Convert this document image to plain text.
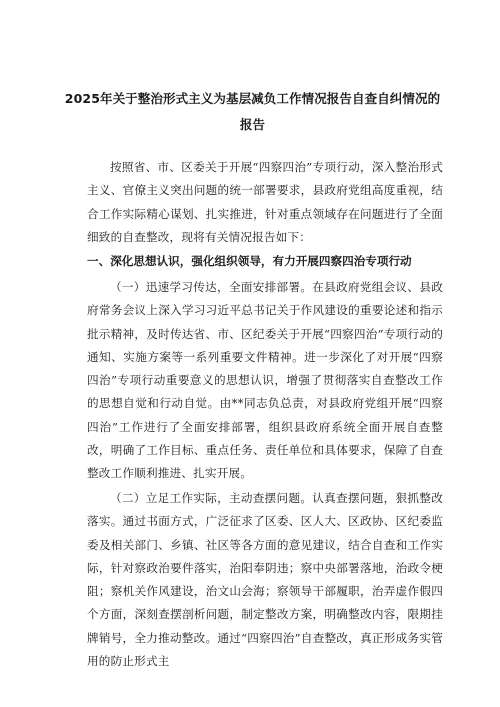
2025年关于整治形式主义为基层减负工作情况报告自查自纠情况的
报告
按照省、市、区委关于开展“四察四治”专项行动，深入整治形式主义、官僚主义突出问题的统一部署要求，县政府党组高度重视，结合工作实际精心谋划、扎实推进，针对重点领域存在问题进行了全面细致的自查整改，现将有关情况报告如下：
一、深化思想认识，强化组织领导，有力开展四察四治专项行动
（一）迅速学习传达，全面安排部署。在县政府党组会议、县政府常务会议上深入学习习近平总书记关于作风建设的重要论述和指示批示精神，及时传达省、市、区纪委关于开展“四察四治”专项行动的通知、实施方案等一系列重要文件精神。进一步深化了对开展“四察四治”专项行动重要意义的思想认识，增强了贯彻落实自查整改工作的思想自觉和行动自觉。由**同志负总责，对县政府党组开展“四察四治”工作进行了全面安排部署，组织县政府系统全面开展自查整改，明确了工作目标、重点任务、责任单位和具体要求，保障了自查整改工作顺利推进、扎实开展。
（二）立足工作实际，主动查摆问题。认真查摆问题，狠抓整改落实。通过书面方式，广泛征求了区委、区人大、区政协、区纪委监委及相关部门、乡镇、社区等各方面的意见建议，结合自查和工作实际，针对察政治要件落实，治阳奉阴违；察中央部署落地，治政令梗阻；察机关作风建设，治文山会海；察领导干部履职，治弄虚作假四个方面，深刻查摆剖析问题，制定整改方案，明确整改内容，限期挂牌销号，全力推动整改。通过“四察四治”自查整改，真正形成务实管用的防止形式主
